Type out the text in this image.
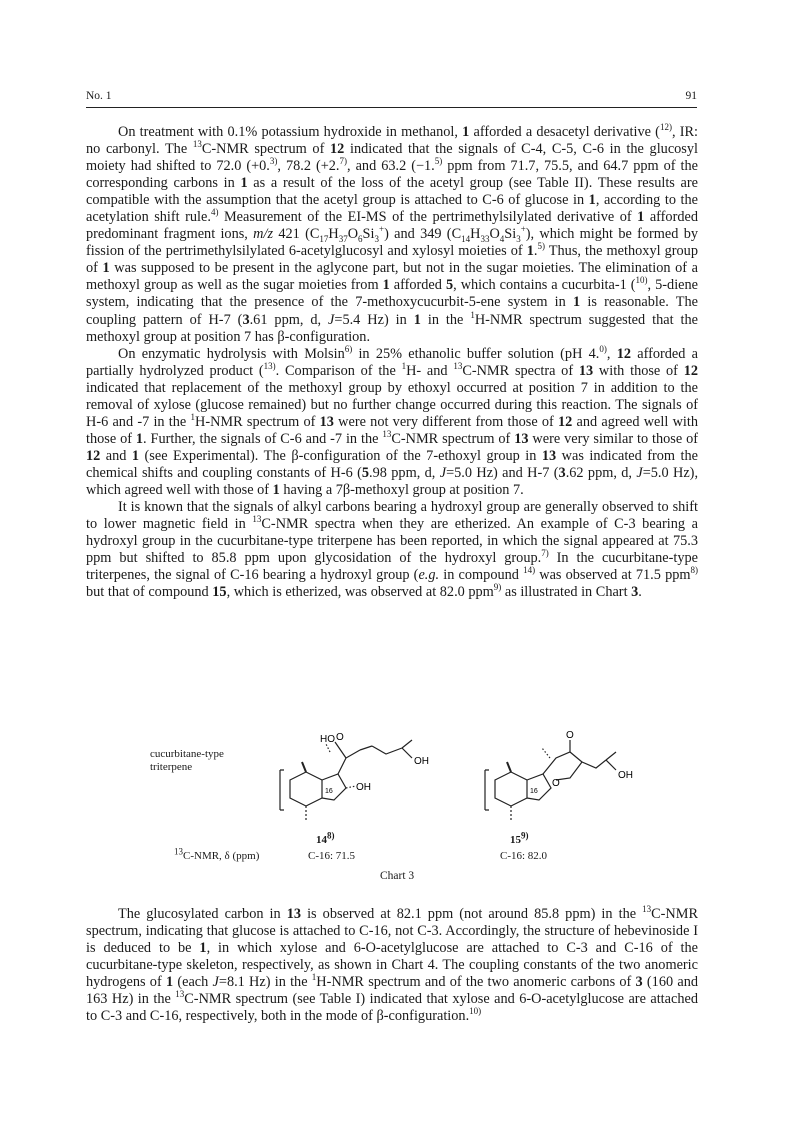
No. 1	91

On treatment with 0.1% potassium hydroxide in methanol, 1 afforded a desacetyl derivative ($^{12)}$, IR: no carbonyl. The $^{13}$C-NMR spectrum of 12 indicated that the signals of C-4, C-5, C-6 in the glucosyl moiety had shifted to 72.0 (+0.$^{3)}$, 78.2 (+2.$^{7)}$, and 63.2 (−1.$^{5)}$ ppm from 71.7, 75.5, and 64.7 ppm of the corresponding carbons in 1 as a result of the loss of the acetyl group (see Table II). These results are compatible with the assumption that the acetyl group is attached to C-6 of glucose in 1, according to the acetylation shift rule.$^{4)}$ Measurement of the EI-MS of the pertrimethylsilylated derivative of 1 afforded predominant fragment ions, m/z 421 $(C_{17}H_{37}O_6Si_3^+)$ and 349 $(C_{14}H_{33}O_4Si_3^+)$, which might be formed by fission of the pertrimethylsilylated 6-acetylglucosyl and xylosyl moieties of 1.$^{5)}$ Thus, the methoxyl group of 1 was supposed to be present in the aglycone part, but not in the sugar moieties. The elimination of a methoxyl group as well as the sugar moieties from 1 afforded 5, which contains a cucurbita-1 ($^{10)}$, 5-diene system, indicating that the presence of the 7-methoxycucurbit-5-ene system in 1 is reasonable. The coupling pattern of H-7 (3.61 ppm, d, J=5.4 Hz) in 1 in the $^1$H-NMR spectrum suggested that the methoxyl group at position 7 has β-configuration.

On enzymatic hydrolysis with Molsin$^{6)}$ in 25% ethanolic buffer solution (pH 4.$^{0)}$, 12 afforded a partially hydrolyzed product ($^{13)}$. Comparison of the $^1$H- and $^{13}$C-NMR spectra of 13 with those of 12 indicated that replacement of the methoxyl group by ethoxyl occurred at position 7 in addition to the removal of xylose (glucose remained) but no further change occurred during this reaction. The signals of H-6 and -7 in the $^1$H-NMR spectrum of 13 were not very different from those of 12 and agreed well with those of 1. Further, the signals of C-6 and -7 in the $^{13}$C-NMR spectrum of 13 were very similar to those of 12 and 1 (see Experimental). The β-configuration of the 7-ethoxyl group in 13 was indicated from the chemical shifts and coupling constants of H-6 (5.98 ppm, d, J=5.0 Hz) and H-7 (3.62 ppm, d, J=5.0 Hz), which agreed well with those of 1 having a 7β-methoxyl group at position 7.

It is known that the signals of alkyl carbons bearing a hydroxyl group are generally observed to shift to lower magnetic field in $^{13}$C-NMR spectra when they are etherized. An example of C-3 bearing a hydroxyl group in the cucurbitane-type triterpene has been reported, in which the signal appeared at 75.3 ppm but shifted to 85.8 ppm upon glycosidation of the hydroxyl group.$^{7)}$ In the cucurbitane-type triterpenes, the signal of C-16 bearing a hydroxyl group (e.g. in compound $^{14)}$ was observed at 71.5 ppm$^{8)}$ but that of compound 15, which is etherized, was observed at 82.0 ppm$^{9)}$ as illustrated in Chart 3.

cucurbitane-type triterpene
HO O
OH
OH
16
O
O
OH
16
14$^{8)}$	15$^{9)}$
$^{13}$C-NMR, δ (ppm)	C-16: 71.5	C-16: 82.0
Chart 3

The glucosylated carbon in 13 is observed at 82.1 ppm (not around 85.8 ppm) in the $^{13}$C-NMR spectrum, indicating that glucose is attached to C-16, not C-3. Accordingly, the structure of hebevinoside I is deduced to be 1, in which xylose and 6-O-acetylglucose are attached to C-3 and C-16 of the cucurbitane-type skeleton, respectively, as shown in Chart 4. The coupling constants of the two anomeric hydrogens of 1 (each J=8.1 Hz) in the $^1$H-NMR spectrum and of the two anomeric carbons of 3 (160 and 163 Hz) in the $^{13}$C-NMR spectrum (see Table I) indicated that xylose and 6-O-acetylglucose are attached to C-3 and C-16, respectively, both in the mode of β-configuration.$^{10)}$
